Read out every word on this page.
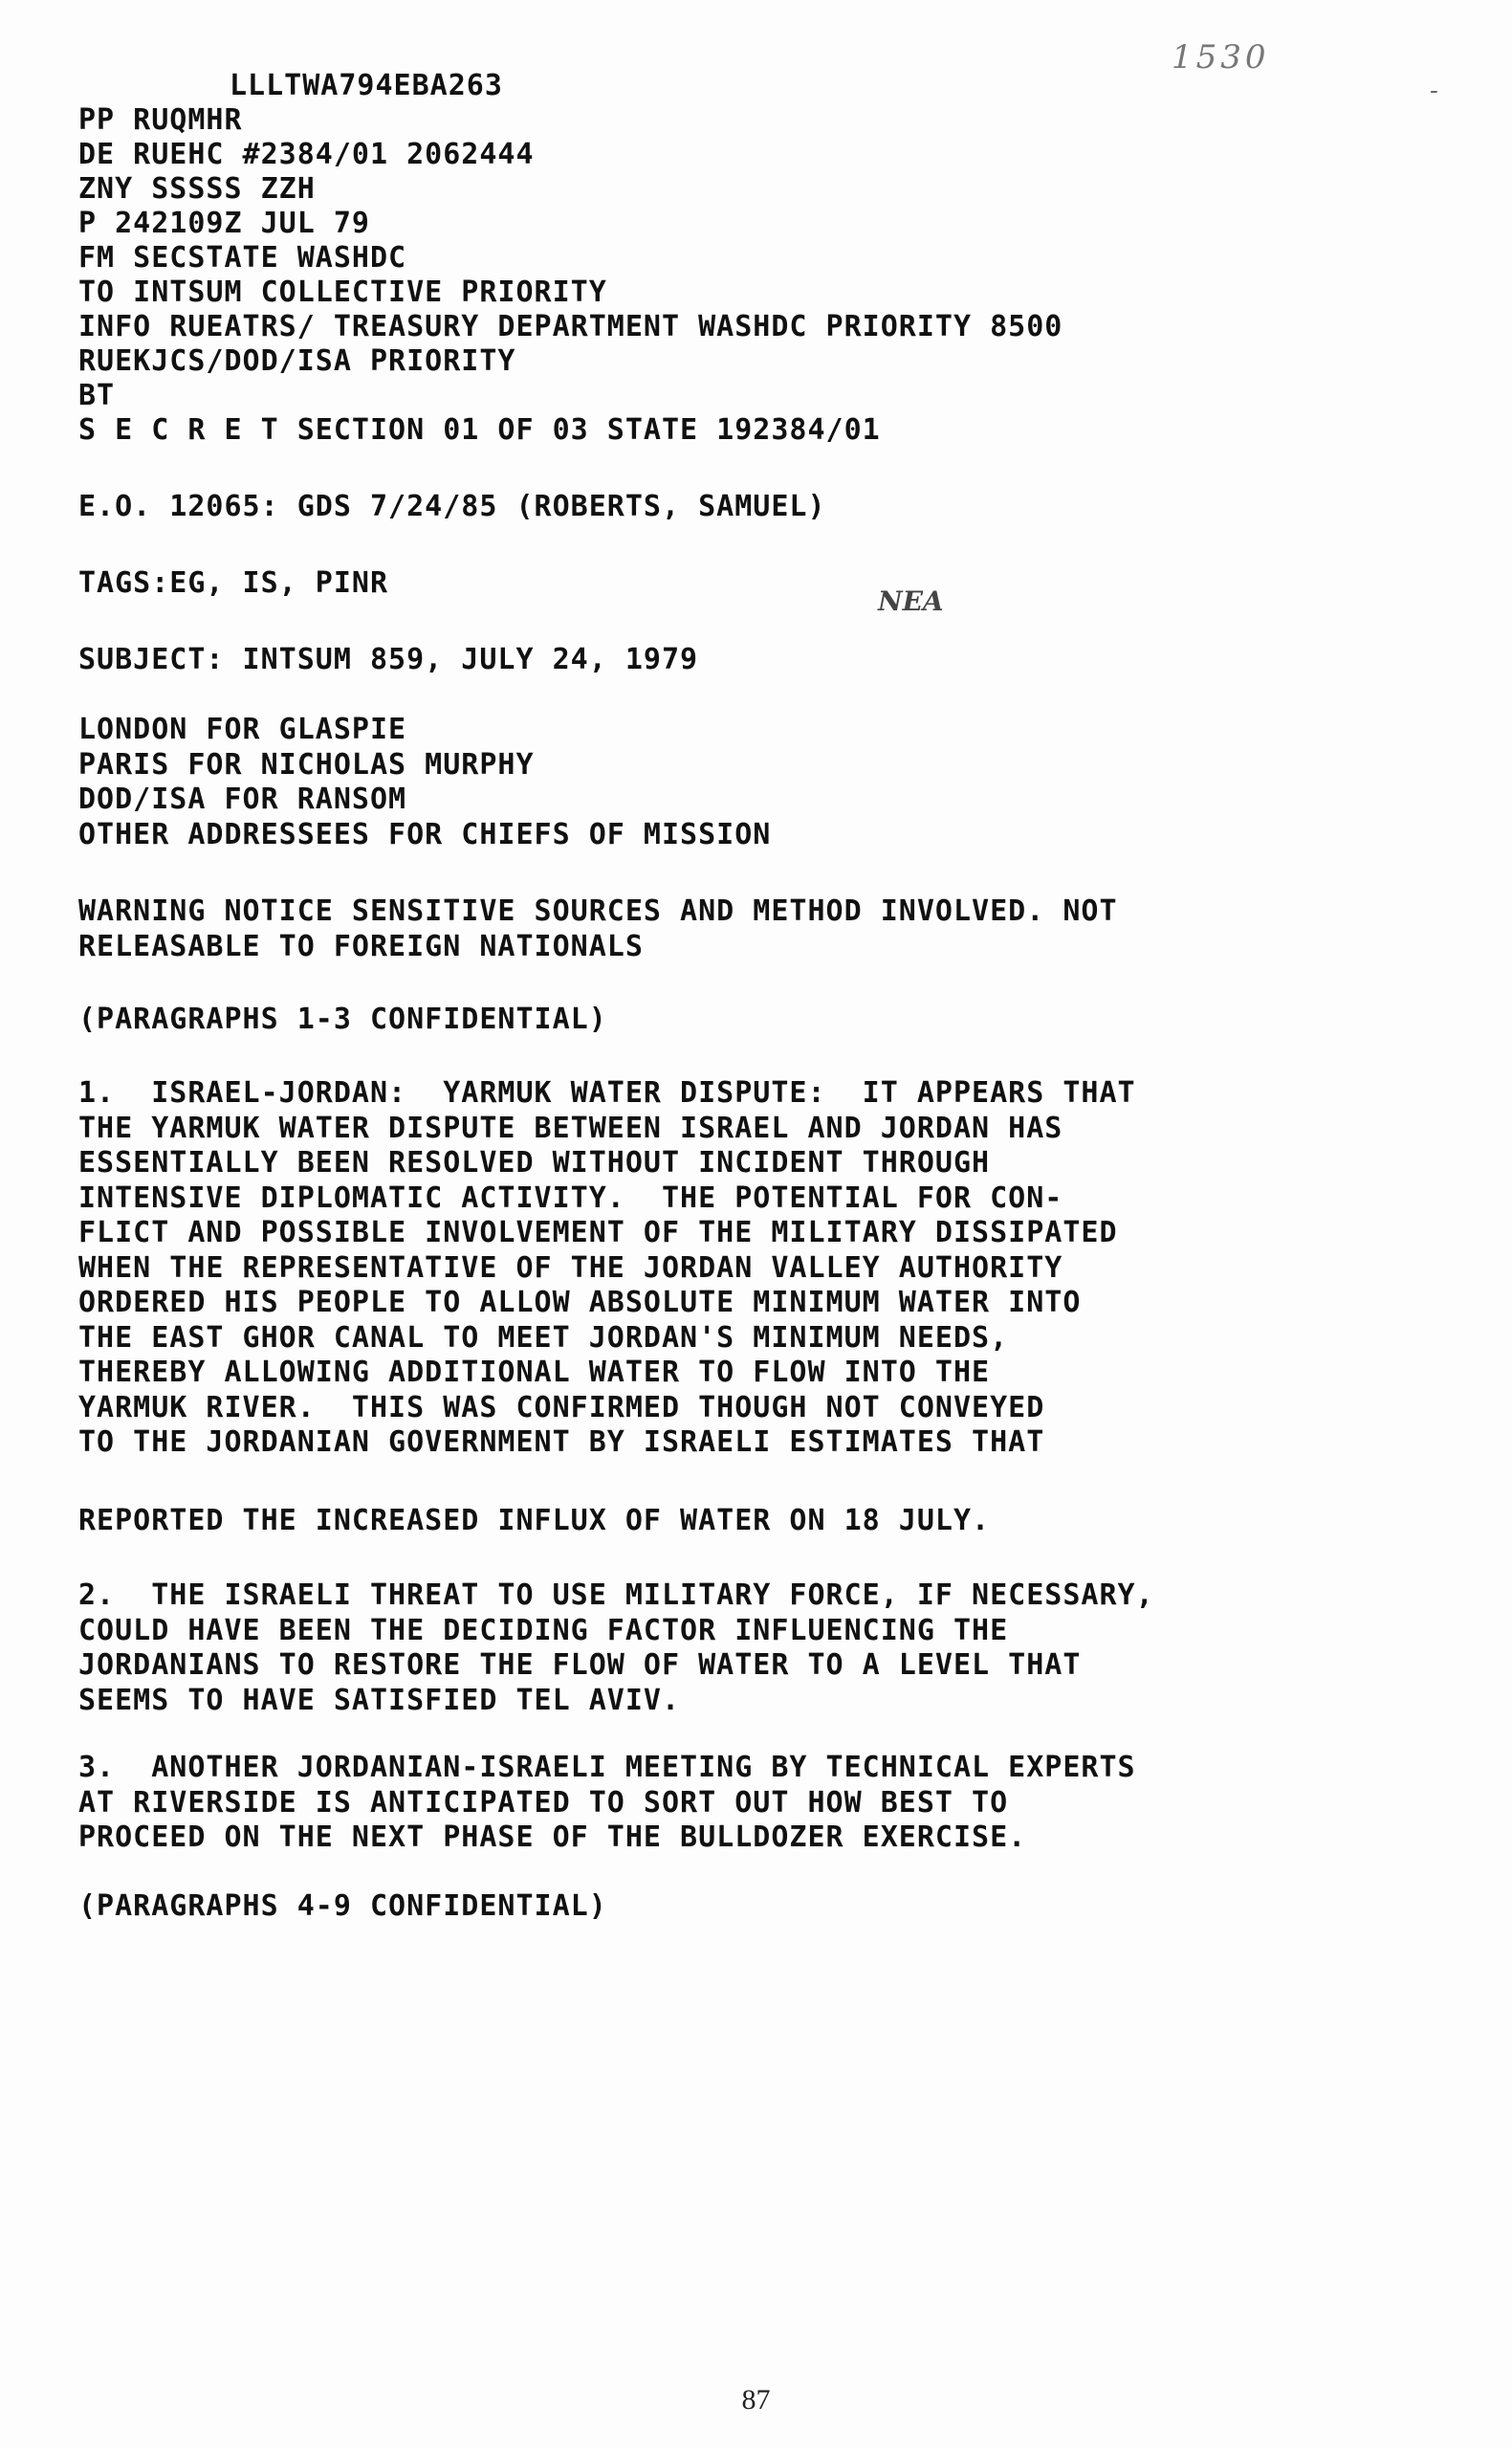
1530
-
NEA
LLLTWA794EBA263
PP RUQMHR
DE RUEHC #2384/01 2062444
ZNY SSSSS ZZH
P 242109Z JUL 79
FM SECSTATE WASHDC
TO INTSUM COLLECTIVE PRIORITY
INFO RUEATRS/ TREASURY DEPARTMENT WASHDC PRIORITY 8500
RUEKJCS/DOD/ISA PRIORITY
BT
S E C R E T SECTION 01 OF 03 STATE 192384/01
E.O. 12065: GDS 7/24/85 (ROBERTS, SAMUEL)
TAGS:EG, IS, PINR
SUBJECT: INTSUM 859, JULY 24, 1979
LONDON FOR GLASPIE
PARIS FOR NICHOLAS MURPHY
DOD/ISA FOR RANSOM
OTHER ADDRESSEES FOR CHIEFS OF MISSION
WARNING NOTICE SENSITIVE SOURCES AND METHOD INVOLVED. NOT
RELEASABLE TO FOREIGN NATIONALS
(PARAGRAPHS 1-3 CONFIDENTIAL)
1.  ISRAEL-JORDAN:  YARMUK WATER DISPUTE:  IT APPEARS THAT
THE YARMUK WATER DISPUTE BETWEEN ISRAEL AND JORDAN HAS
ESSENTIALLY BEEN RESOLVED WITHOUT INCIDENT THROUGH
INTENSIVE DIPLOMATIC ACTIVITY.  THE POTENTIAL FOR CON-
FLICT AND POSSIBLE INVOLVEMENT OF THE MILITARY DISSIPATED
WHEN THE REPRESENTATIVE OF THE JORDAN VALLEY AUTHORITY
ORDERED HIS PEOPLE TO ALLOW ABSOLUTE MINIMUM WATER INTO
THE EAST GHOR CANAL TO MEET JORDAN'S MINIMUM NEEDS,
THEREBY ALLOWING ADDITIONAL WATER TO FLOW INTO THE
YARMUK RIVER.  THIS WAS CONFIRMED THOUGH NOT CONVEYED
TO THE JORDANIAN GOVERNMENT BY ISRAELI ESTIMATES THAT
REPORTED THE INCREASED INFLUX OF WATER ON 18 JULY.
2.  THE ISRAELI THREAT TO USE MILITARY FORCE, IF NECESSARY,
COULD HAVE BEEN THE DECIDING FACTOR INFLUENCING THE
JORDANIANS TO RESTORE THE FLOW OF WATER TO A LEVEL THAT
SEEMS TO HAVE SATISFIED TEL AVIV.
3.  ANOTHER JORDANIAN-ISRAELI MEETING BY TECHNICAL EXPERTS
AT RIVERSIDE IS ANTICIPATED TO SORT OUT HOW BEST TO
PROCEED ON THE NEXT PHASE OF THE BULLDOZER EXERCISE.
(PARAGRAPHS 4-9 CONFIDENTIAL)
87
